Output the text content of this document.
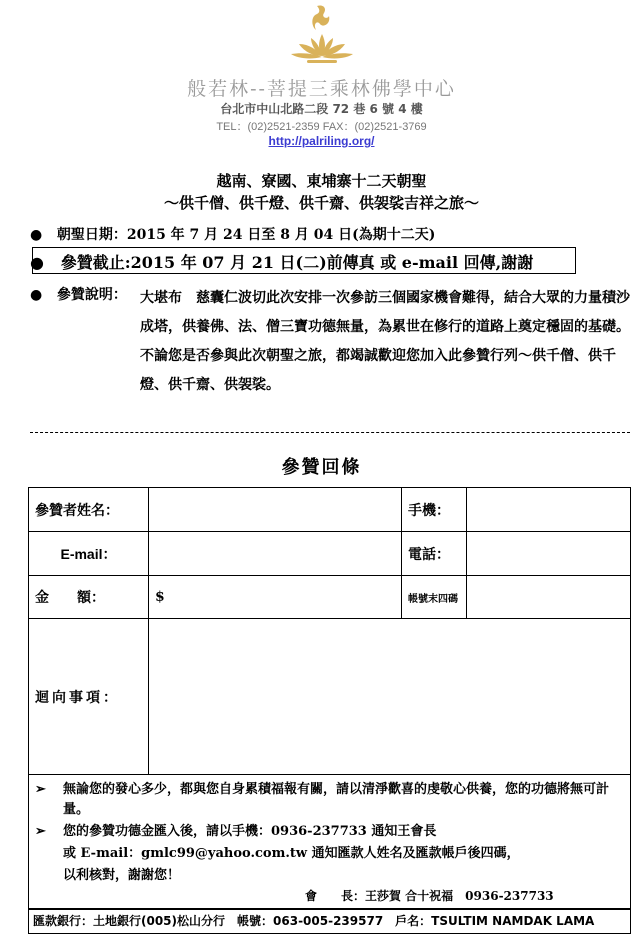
般若林--菩提三乘林佛學中心
台北市中山北路二段 72 巷 6 號 4 樓
TEL：(02)2521-2359 FAX：(02)2521-3769
http://palriling.org/
越南、寮國、東埔寨十二天朝聖
～供千僧、供千燈、供千齋、供袈裟吉祥之旅～
● 朝聖日期：2015 年 7 月 24 日至 8 月 04 日(為期十二天)
● 參贊截止:2015 年 07 月 21 日(二)前傳真 或 e-mail 回傳,謝謝
● 參贊說明： 大堪布　慈囊仁波切此次安排一次參訪三個國家機會難得，結合大眾的力量積沙成塔，供養佛、法、僧三寶功德無量，為累世在修行的道路上奠定穩固的基礎。不論您是否參與此次朝聖之旅，都竭誠歡迎您加入此參贊行列～供千僧、供千燈、供千齋、供袈裟。
參贊回條
參贊者姓名：		手機：	
E-mail：		電話：	
金　　額：	$	帳號末四碼	
迴向事項：			
➢ 無論您的發心多少，都與您自身累積福報有關，請以清淨歡喜的虔敬心供養，您的功德將無可計量。
➢ 您的參贊功德金匯入後，請以手機：0936-237733 通知王會長
或 E-mail：gmlc99@yahoo.com.tw 通知匯款人姓名及匯款帳戶後四碼，
以利核對，謝謝您！
會　　長：王莎賀 合十祝福　0936-237733
匯款銀行：土地銀行(005)松山分行　帳號：063-005-239577　戶名：TSULTIM NAMDAK LAMA
